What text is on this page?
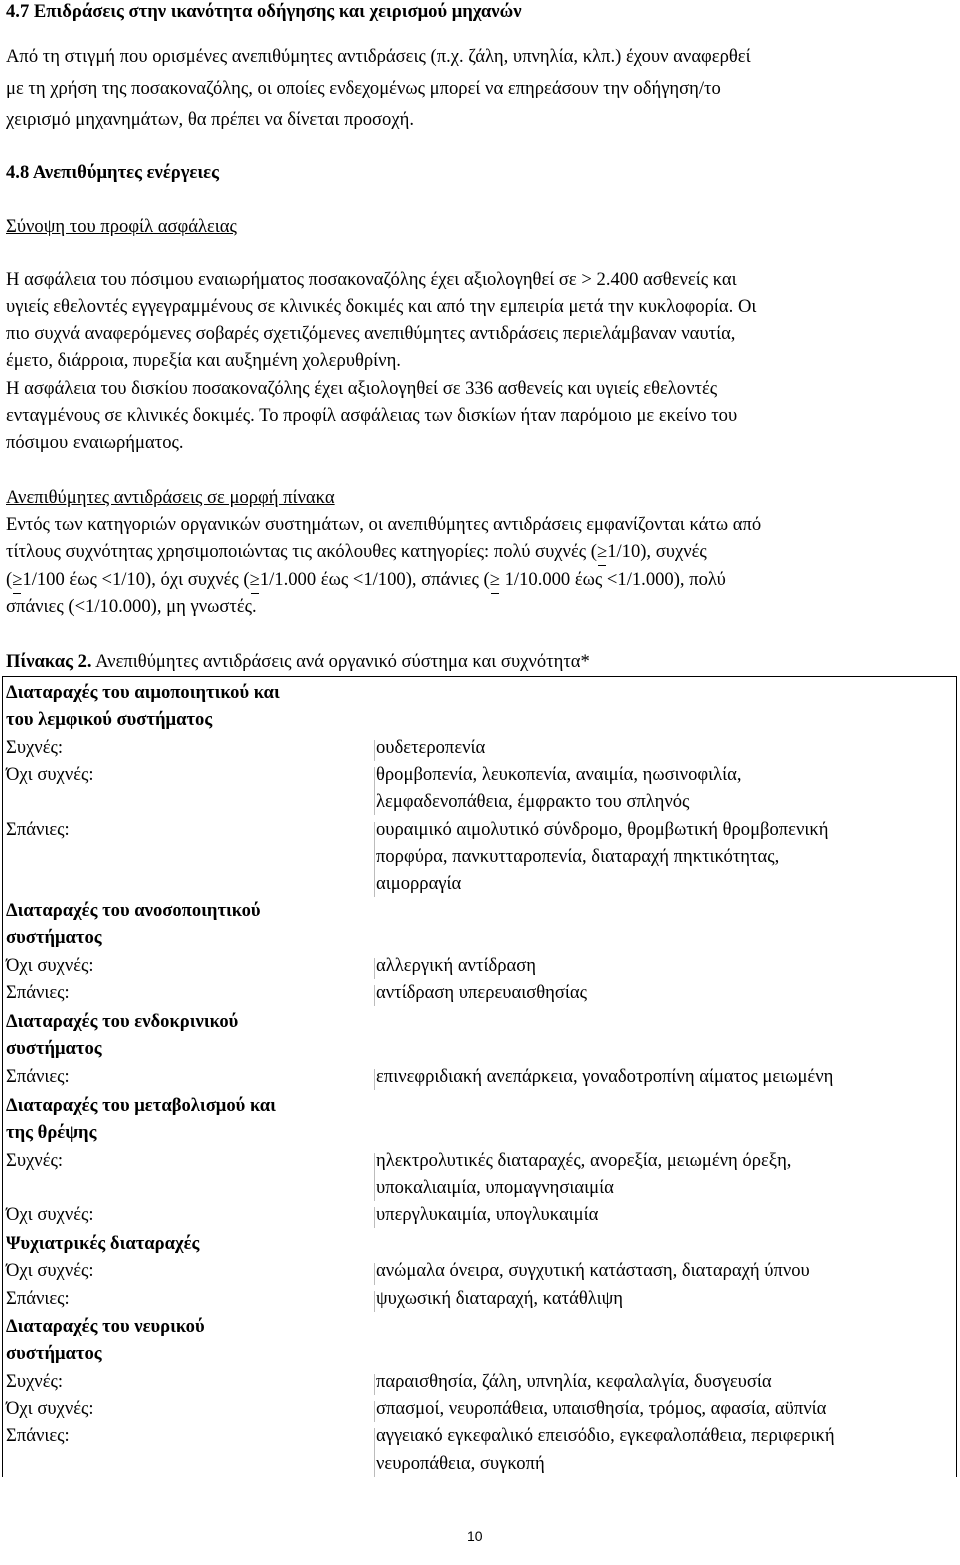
4.7 Επιδράσεις στην ικανότητα οδήγησης και χειρισμού μηχανών
Από τη στιγμή που ορισμένες ανεπιθύμητες αντιδράσεις (π.χ. ζάλη, υπνηλία, κλπ.) έχουν αναφερθεί
με τη χρήση της ποσακοναζόλης, οι οποίες ενδεχομένως μπορεί να επηρεάσουν την οδήγηση/το
χειρισμό μηχανημάτων, θα πρέπει να δίνεται προσοχή.
4.8 Ανεπιθύμητες ενέργειες
Σύνοψη του προφίλ ασφάλειας
Η ασφάλεια του πόσιμου εναιωρήματος ποσακοναζόλης έχει αξιολογηθεί σε > 2.400 ασθενείς και
υγιείς εθελοντές εγγεγραμμένους σε κλινικές δοκιμές και από την εμπειρία μετά την κυκλοφορία. Οι
πιο συχνά αναφερόμενες σοβαρές σχετιζόμενες ανεπιθύμητες αντιδράσεις περιελάμβαναν ναυτία,
έμετο, διάρροια, πυρεξία και αυξημένη χολερυθρίνη.
Η ασφάλεια του δισκίου ποσακοναζόλης έχει αξιολογηθεί σε 336 ασθενείς και υγιείς εθελοντές
ενταγμένους σε κλινικές δοκιμές. Το προφίλ ασφάλειας των δισκίων ήταν παρόμοιο με εκείνο του
πόσιμου εναιωρήματος.
Ανεπιθύμητες αντιδράσεις σε μορφή πίνακα
Εντός των κατηγοριών οργανικών συστημάτων, οι ανεπιθύμητες αντιδράσεις εμφανίζονται κάτω από
τίτλους συχνότητας χρησιμοποιώντας τις ακόλουθες κατηγορίες: πολύ συχνές (≥1/10), συχνές
(≥1/100 έως <1/10), όχι συχνές (≥1/1.000 έως <1/100), σπάνιες (≥ 1/10.000 έως <1/1.000), πολύ
σπάνιες (<1/10.000), μη γνωστές.
Πίνακας 2. Ανεπιθύμητες αντιδράσεις ανά οργανικό σύστημα και συχνότητα*
Διαταραχές του αιμοποιητικού και
του λεμφικού συστήματος
Συχνές:	ουδετεροπενία
Όχι συχνές:	θρομβοπενία, λευκοπενία, αναιμία, ηωσινοφιλία,
λεμφαδενοπάθεια, έμφρακτο του σπληνός
Σπάνιες:	ουραιμικό αιμολυτικό σύνδρομο, θρομβωτική θρομβοπενική
πορφύρα, πανκυτταροπενία, διαταραχή πηκτικότητας,
αιμορραγία
Διαταραχές του ανοσοποιητικού
συστήματος
Όχι συχνές:	αλλεργική αντίδραση
Σπάνιες:	αντίδραση υπερευαισθησίας
Διαταραχές του ενδοκρινικού
συστήματος
Σπάνιες:	επινεφριδιακή ανεπάρκεια, γοναδοτροπίνη αίματος μειωμένη
Διαταραχές του μεταβολισμού και
της θρέψης
Συχνές:	ηλεκτρολυτικές διαταραχές, ανορεξία, μειωμένη όρεξη,
υποκαλιαιμία, υπομαγνησιαιμία
Όχι συχνές:	υπεργλυκαιμία, υπογλυκαιμία
Ψυχιατρικές διαταραχές
Όχι συχνές:	ανώμαλα όνειρα, συγχυτική κατάσταση, διαταραχή ύπνου
Σπάνιες:	ψυχωσική διαταραχή, κατάθλιψη
Διαταραχές του νευρικού
συστήματος
Συχνές:	παραισθησία, ζάλη, υπνηλία, κεφαλαλγία, δυσγευσία
Όχι συχνές:	σπασμοί, νευροπάθεια, υπαισθησία, τρόμος, αφασία, αϋπνία
Σπάνιες:	αγγειακό εγκεφαλικό επεισόδιο, εγκεφαλοπάθεια, περιφερική
νευροπάθεια, συγκοπή
10
